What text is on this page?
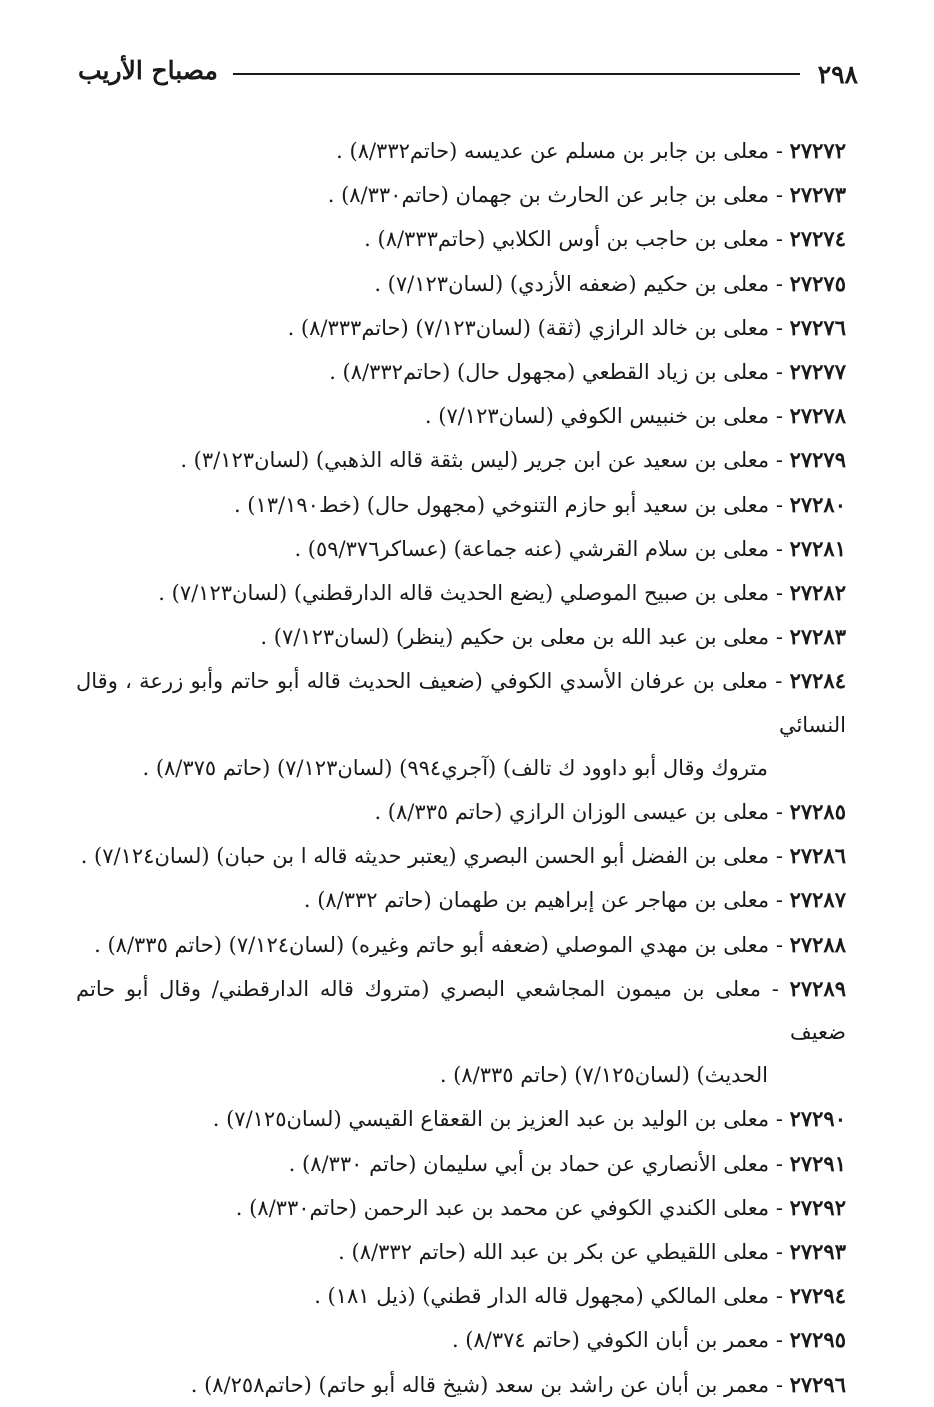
٢٩٨
مصباح الأريب

٢٧٢٧٢ - معلى بن جابر بن مسلم عن عديسه (حاتم٨/٣٣٢) .

٢٧٢٧٣ - معلى بن جابر عن الحارث بن جهمان (حاتم٨/٣٣٠) .

٢٧٢٧٤ - معلى بن حاجب بن أوس الكلابي (حاتم٨/٣٣٣) .

٢٧٢٧٥ - معلى بن حكيم (ضعفه الأزدي) (لسان٧/١٢٣) .

٢٧٢٧٦ - معلى بن خالد الرازي (ثقة) (لسان٧/١٢٣) (حاتم٨/٣٣٣) .

٢٧٢٧٧ - معلى بن زياد القطعي (مجهول حال) (حاتم٨/٣٣٢) .

٢٧٢٧٨ - معلى بن خنبيس الكوفي (لسان٧/١٢٣) .

٢٧٢٧٩ - معلى بن سعيد عن ابن جرير (ليس بثقة قاله الذهبي) (لسان٣/١٢٣) .

٢٧٢٨٠ - معلى بن سعيد أبو حازم التنوخي (مجهول حال) (خط١٣/١٩٠) .

٢٧٢٨١ - معلى بن سلام القرشي (عنه جماعة) (عساكر٥٩/٣٧٦) .

٢٧٢٨٢ - معلى بن صبيح الموصلي (يضع الحديث قاله الدارقطني) (لسان٧/١٢٣) .

٢٧٢٨٣ - معلى بن عبد الله بن معلى بن حكيم (ينظر) (لسان٧/١٢٣) .

٢٧٢٨٤ - معلى بن عرفان الأسدي الكوفي (ضعيف الحديث قاله أبو حاتم وأبو زرعة ، وقال النسائي
متروك وقال أبو داوود ك تالف) (آجري٩٩٤) (لسان٧/١٢٣) (حاتم ٨/٣٧٥) .

٢٧٢٨٥ - معلى بن عيسى الوزان الرازي (حاتم ٨/٣٣٥) .

٢٧٢٨٦ - معلى بن الفضل أبو الحسن البصري (يعتبر حديثه قاله ا بن حبان) (لسان٧/١٢٤) .

٢٧٢٨٧ - معلى بن مهاجر عن إبراهيم بن طهمان (حاتم ٨/٣٣٢) .

٢٧٢٨٨ - معلى بن مهدي الموصلي (ضعفه أبو حاتم وغيره) (لسان٧/١٢٤) (حاتم ٨/٣٣٥) .

٢٧٢٨٩ - معلى بن ميمون المجاشعي البصري (متروك قاله الدارقطني/ وقال أبو حاتم ضعيف
الحديث) (لسان٧/١٢٥) (حاتم ٨/٣٣٥) .

٢٧٢٩٠ - معلى بن الوليد بن عبد العزيز بن القعقاع القيسي (لسان٧/١٢٥) .

٢٧٢٩١ - معلى الأنصاري عن حماد بن أبي سليمان (حاتم ٨/٣٣٠) .

٢٧٢٩٢ - معلى الكندي الكوفي عن محمد بن عبد الرحمن (حاتم٨/٣٣٠) .

٢٧٢٩٣ - معلى اللقيطي عن بكر بن عبد الله (حاتم ٨/٣٣٢) .

٢٧٢٩٤ - معلى المالكي (مجهول قاله الدار قطني) (ذيل ١٨١) .

٢٧٢٩٥ - معمر بن أبان الكوفي (حاتم ٨/٣٧٤) .

٢٧٢٩٦ - معمر بن أبان عن راشد بن سعد (شيخ قاله أبو حاتم) (حاتم٨/٢٥٨) .
